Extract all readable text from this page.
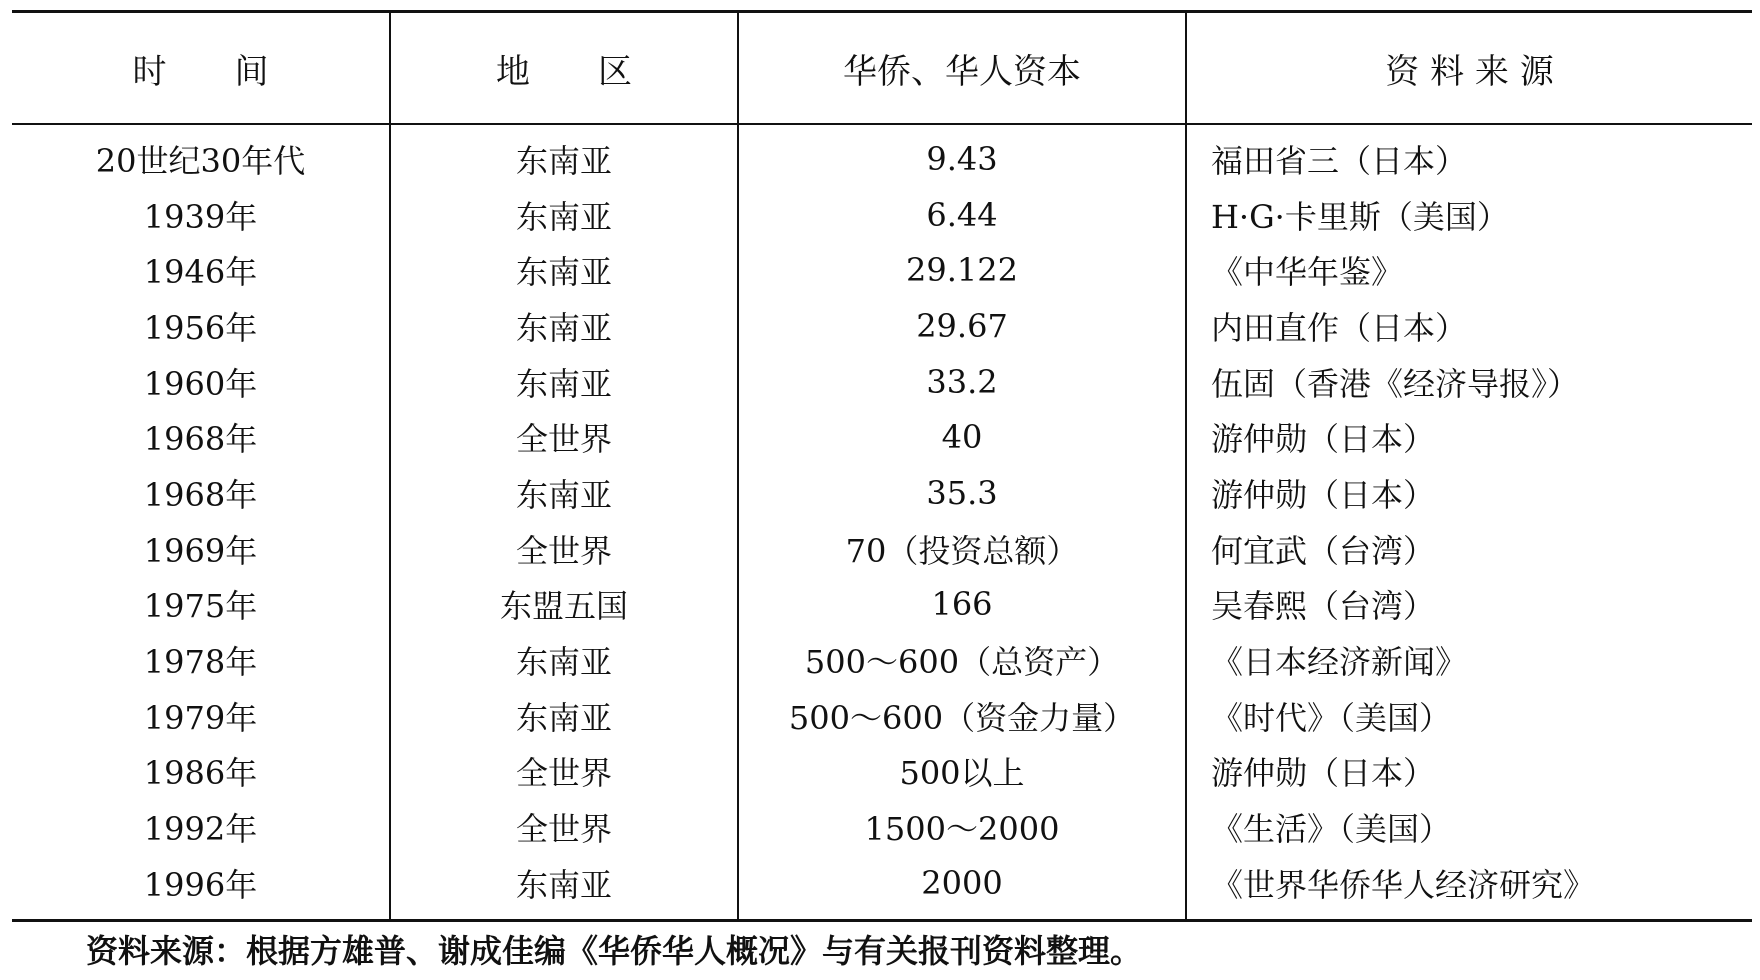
时　　间	地　　区	华侨、华人资本	资 料 来 源
20世纪30年代	东南亚	9.43	福田省三（日本）
1939年	东南亚	6.44	H·G·卡里斯（美国）
1946年	东南亚	29.122	《中华年鉴》
1956年	东南亚	29.67	内田直作（日本）
1960年	东南亚	33.2	伍固（香港《经济导报》）
1968年	全世界	40	游仲勋（日本）
1968年	东南亚	35.3	游仲勋（日本）
1969年	全世界	70（投资总额）	何宜武（台湾）
1975年	东盟五国	166	吴春熙（台湾）
1978年	东南亚	500～600（总资产）	《日本经济新闻》
1979年	东南亚	500～600（资金力量）	《时代》（美国）
1986年	全世界	500以上	游仲勋（日本）
1992年	全世界	1500～2000	《生活》（美国）
1996年	东南亚	2000	《世界华侨华人经济研究》
资料来源：根据方雄普、谢成佳编《华侨华人概况》与有关报刊资料整理。
